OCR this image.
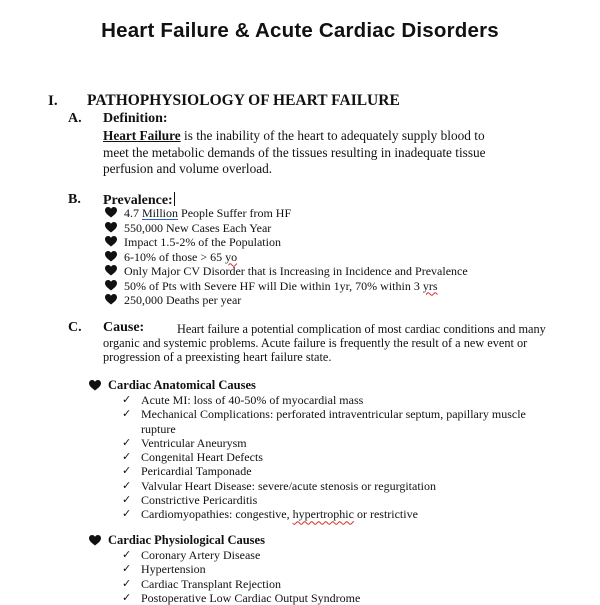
Heart Failure & Acute Cardiac Disorders
I. PATHOPHYSIOLOGY OF HEART FAILURE
A. Definition:
Heart Failure is the inability of the heart to adequately supply blood to
meet the metabolic demands of the tissues resulting in inadequate tissue
perfusion and volume overload.
B. Prevalence:
4.7 Million People Suffer from HF
550,000 New Cases Each Year
Impact 1.5-2% of the Population
6-10% of those > 65 yo
Only Major CV Disorder that is Increasing in Incidence and Prevalence
50% of Pts with Severe HF will Die within 1yr, 70% within 3 yrs
250,000 Deaths per year
C. Cause:	Heart failure a potential complication of most cardiac conditions and many
organic and systemic problems. Acute failure is frequently the result of a new event or
progression of a preexisting heart failure state.
Cardiac Anatomical Causes
✓ Acute MI: loss of 40-50% of myocardial mass
✓ Mechanical Complications: perforated intraventricular septum, papillary muscle
rupture
✓ Ventricular Aneurysm
✓ Congenital Heart Defects
✓ Pericardial Tamponade
✓ Valvular Heart Disease: severe/acute stenosis or regurgitation
✓ Constrictive Pericarditis
✓ Cardiomyopathies: congestive, hypertrophic or restrictive
Cardiac Physiological Causes
✓ Coronary Artery Disease
✓ Hypertension
✓ Cardiac Transplant Rejection
✓ Postoperative Low Cardiac Output Syndrome
